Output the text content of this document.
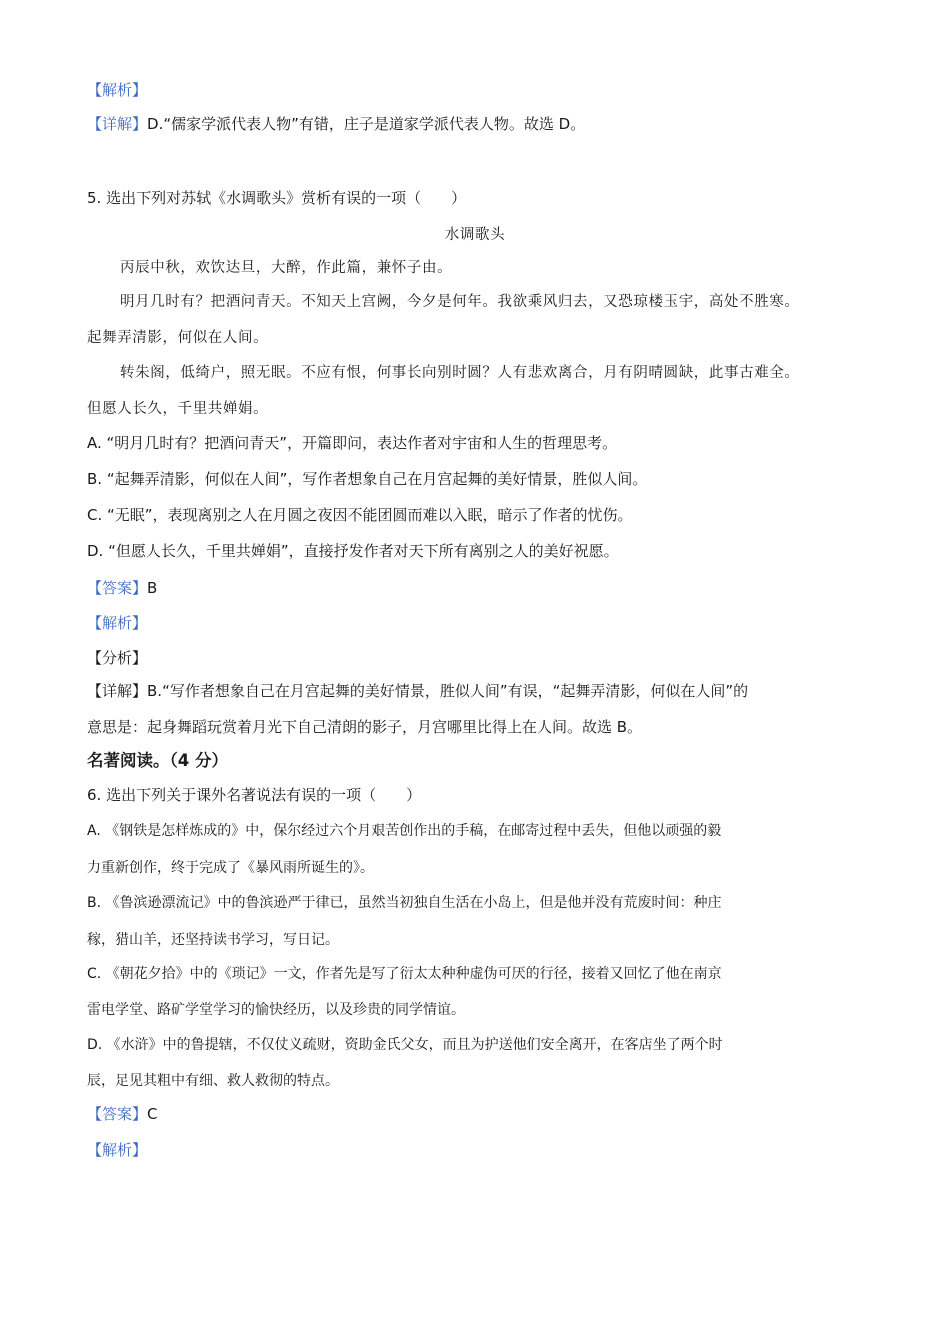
【解析】
【详解】D.“儒家学派代表人物”有错，庄子是道家学派代表人物。故选 D。
5. 选出下列对苏轼《水调歌头》赏析有误的一项（　　）
水调歌头
丙辰中秋，欢饮达旦，大醉，作此篇，兼怀子由。
明月几时有？把酒问青天。不知天上宫阙，今夕是何年。我欲乘风归去，又恐琼楼玉宇，高处不胜寒。
起舞弄清影，何似在人间。
转朱阁，低绮户，照无眠。不应有恨，何事长向别时圆？人有悲欢离合，月有阴晴圆缺，此事古难全。
但愿人长久，千里共婵娟。
A. “明月几时有？把酒问青天”，开篇即问，表达作者对宇宙和人生的哲理思考。
B. “起舞弄清影，何似在人间”，写作者想象自己在月宫起舞的美好情景，胜似人间。
C. “无眠”，表现离别之人在月圆之夜因不能团圆而难以入眠，暗示了作者的忧伤。
D. “但愿人长久，千里共婵娟”，直接抒发作者对天下所有离别之人的美好祝愿。
【答案】B
【解析】
【分析】
【详解】B.“写作者想象自己在月宫起舞的美好情景，胜似人间”有误，“起舞弄清影，何似在人间”的
意思是：起身舞蹈玩赏着月光下自己清朗的影子，月宫哪里比得上在人间。故选 B。
名著阅读。（4 分）
6. 选出下列关于课外名著说法有误的一项（　　）
A. 《钢铁是怎样炼成的》中，保尔经过六个月艰苦创作出的手稿，在邮寄过程中丢失，但他以顽强的毅
力重新创作，终于完成了《暴风雨所诞生的》。
B. 《鲁滨逊漂流记》中的鲁滨逊严于律已，虽然当初独自生活在小岛上，但是他并没有荒废时间：种庄
稼，猎山羊，还坚持读书学习，写日记。
C. 《朝花夕拾》中的《琐记》一文，作者先是写了衍太太种种虚伪可厌的行径，接着又回忆了他在南京
雷电学堂、路矿学堂学习的愉快经历，以及珍贵的同学情谊。
D. 《水浒》中的鲁提辖，不仅仗义疏财，资助金氏父女，而且为护送他们安全离开，在客店坐了两个时
辰，足见其粗中有细、救人救彻的特点。
【答案】C
【解析】
